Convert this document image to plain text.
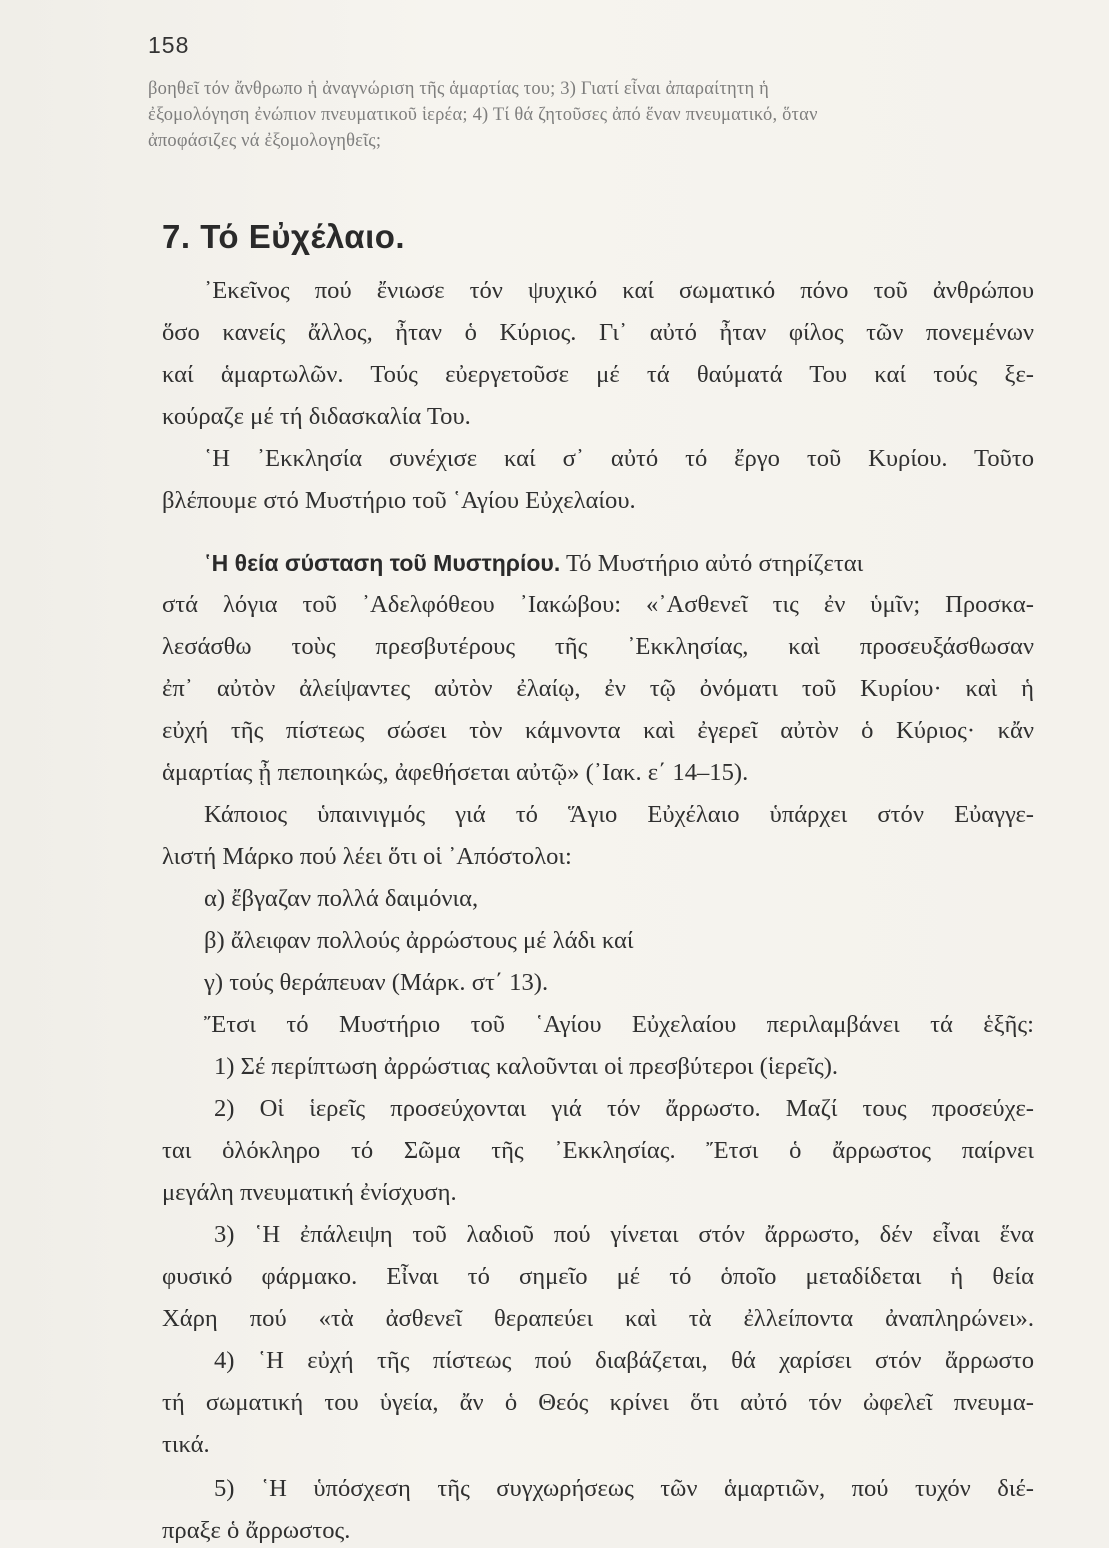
158
βοηθεῖ τόν ἄνθρωπο ἡ ἀναγνώριση τῆς ἁμαρτίας του; 3) Γιατί εἶναι ἀπαραίτητη ἡ
ἐξομολόγηση ἐνώπιον πνευματικοῦ ἱερέα; 4) Τί θά ζητοῦσες ἀπό ἕναν πνευματικό, ὅταν
ἀποφάσιζες νά ἐξομολογηθεῖς;
7. Τό Εὐχέλαιο.
᾿Εκεῖνος πού ἔνιωσε τόν ψυχικό καί σωματικό πόνο τοῦ ἀνθρώπου
ὅσο κανείς ἄλλος, ἦταν ὁ Κύριος. Γι᾿ αὐτό ἦταν φίλος τῶν πονεμένων
καί ἁμαρτωλῶν. Τούς εὐεργετοῦσε μέ τά θαύματά Του καί τούς ξε-
κούραζε μέ τή διδασκαλία Του.
῾Η ᾿Εκκλησία συνέχισε καί σ᾿ αὐτό τό ἔργο τοῦ Κυρίου. Τοῦτο
βλέπουμε στό Μυστήριο τοῦ ῾Αγίου Εὐχελαίου.
῾Η θεία σύσταση τοῦ Μυστηρίου. Τό Μυστήριο αὐτό στηρίζεται
στά λόγια τοῦ ᾿Αδελφόθεου ᾿Ιακώβου: «᾿Ασθενεῖ τις ἐν ὑμῖν; Προσκα-
λεσάσθω τοὺς πρεσβυτέρους τῆς ᾿Εκκλησίας, καὶ προσευξάσθωσαν
ἐπ᾿ αὐτὸν ἀλείψαντες αὐτὸν ἐλαίῳ, ἐν τῷ ὀνόματι τοῦ Κυρίου· καὶ ἡ
εὐχή τῆς πίστεως σώσει τὸν κάμνοντα καὶ ἐγερεῖ αὐτὸν ὁ Κύριος· κἄν
ἁμαρτίας ᾖ πεποιηκώς, ἀφεθήσεται αὐτῷ» (᾿Ιακ. ε΄ 14–15).
Κάποιος ὑπαινιγμός γιά τό Ἅγιο Εὐχέλαιο ὑπάρχει στόν Εὐαγγε-
λιστή Μάρκο πού λέει ὅτι οἱ ᾿Απόστολοι:
α) ἔβγαζαν πολλά δαιμόνια,
β) ἄλειφαν πολλούς ἀρρώστους μέ λάδι καί
γ) τούς θεράπευαν (Μάρκ. στ΄ 13).
Ἔτσι τό Μυστήριο τοῦ ῾Αγίου Εὐχελαίου περιλαμβάνει τά ἑξῆς:
1) Σέ περίπτωση ἀρρώστιας καλοῦνται οἱ πρεσβύτεροι (ἱερεῖς).
2) Οἱ ἱερεῖς προσεύχονται γιά τόν ἄρρωστο. Μαζί τους προσεύχε-
ται ὁλόκληρο τό Σῶμα τῆς ᾿Εκκλησίας. Ἔτσι ὁ ἄρρωστος παίρνει
μεγάλη πνευματική ἐνίσχυση.
3) ῾Η ἐπάλειψη τοῦ λαδιοῦ πού γίνεται στόν ἄρρωστο, δέν εἶναι ἕνα
φυσικό φάρμακο. Εἶναι τό σημεῖο μέ τό ὁποῖο μεταδίδεται ἡ θεία
Χάρη πού «τὰ ἀσθενεῖ θεραπεύει καὶ τὰ ἐλλείποντα ἀναπληρώνει».
4) ῾Η εὐχή τῆς πίστεως πού διαβάζεται, θά χαρίσει στόν ἄρρωστο
τή σωματική του ὑγεία, ἄν ὁ Θεός κρίνει ὅτι αὐτό τόν ὠφελεῖ πνευμα-
τικά.
5) ῾Η ὑπόσχεση τῆς συγχωρήσεως τῶν ἁμαρτιῶν, πού τυχόν διέ-
πραξε ὁ ἄρρωστος.
